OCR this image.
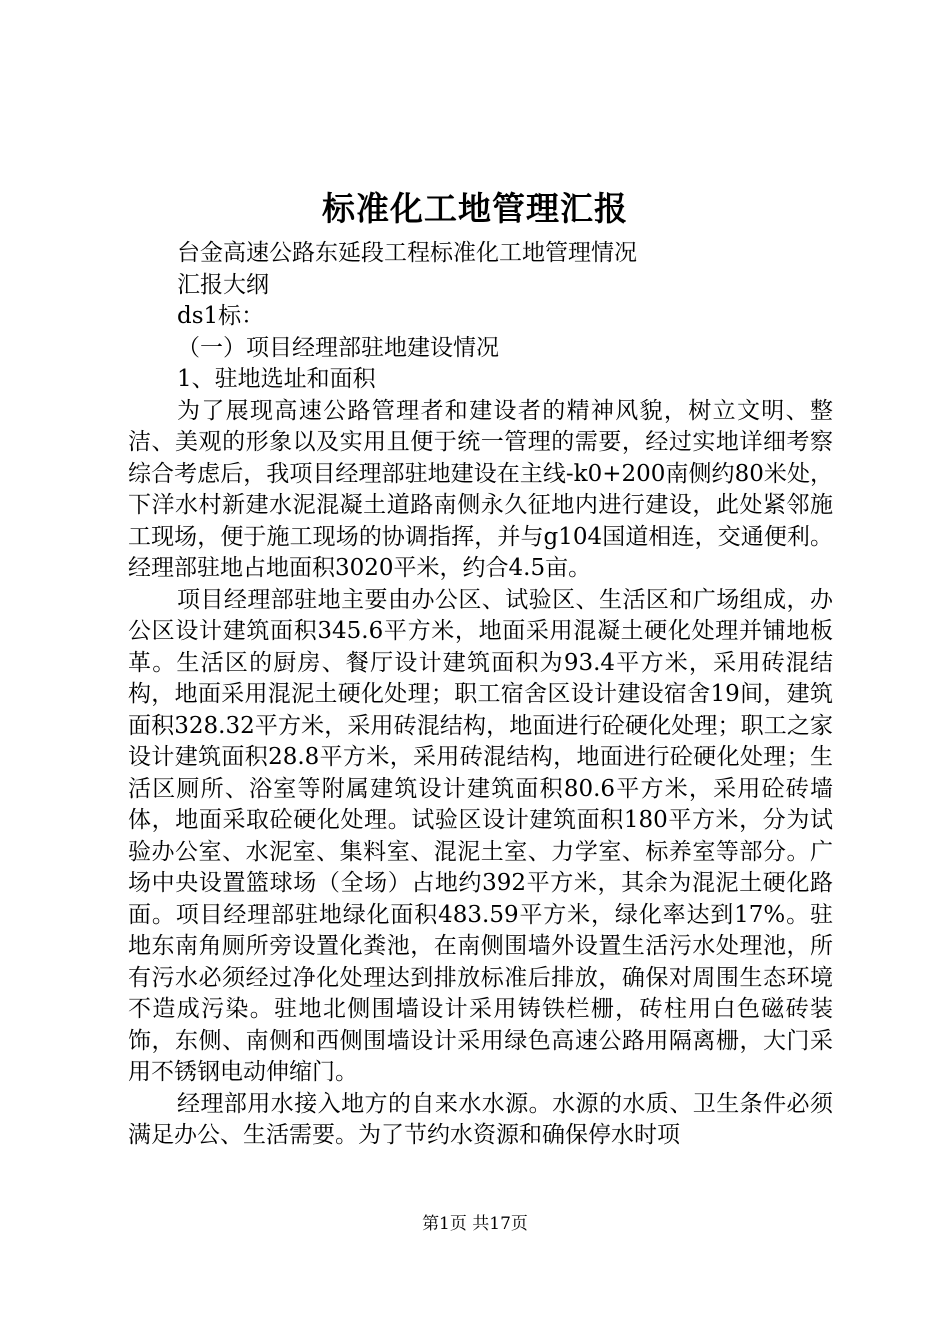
标准化工地管理汇报
台金高速公路东延段工程标准化工地管理情况
汇报大纲
ds1标：
（一）项目经理部驻地建设情况
1、驻地选址和面积

为了展现高速公路管理者和建设者的精神风貌，树立文明、整洁、美观的形象以及实用且便于统一管理的需要，经过实地详细考察综合考虑后，我项目经理部驻地建设在主线-k0+200南侧约80米处，下洋水村新建水泥混凝土道路南侧永久征地内进行建设，此处紧邻施工现场，便于施工现场的协调指挥，并与g104国道相连，交通便利。经理部驻地占地面积3020平米，约合4.5亩。

项目经理部驻地主要由办公区、试验区、生活区和广场组成，办公区设计建筑面积345.6平方米，地面采用混凝土硬化处理并铺地板革。生活区的厨房、餐厅设计建筑面积为93.4平方米，采用砖混结构，地面采用混泥土硬化处理；职工宿舍区设计建设宿舍19间，建筑面积328.32平方米，采用砖混结构，地面进行砼硬化处理；职工之家设计建筑面积28.8平方米，采用砖混结构，地面进行砼硬化处理；生活区厕所、浴室等附属建筑设计建筑面积80.6平方米，采用砼砖墙体，地面采取砼硬化处理。试验区设计建筑面积180平方米，分为试验办公室、水泥室、集料室、混泥土室、力学室、标养室等部分。广场中央设置篮球场（全场）占地约392平方米，其余为混泥土硬化路面。项目经理部驻地绿化面积483.59平方米，绿化率达到17%。驻地东南角厕所旁设置化粪池，在南侧围墙外设置生活污水处理池，所有污水必须经过净化处理达到排放标准后排放，确保对周围生态环境不造成污染。驻地北侧围墙设计采用铸铁栏栅，砖柱用白色磁砖装饰，东侧、南侧和西侧围墙设计采用绿色高速公路用隔离栅，大门采用不锈钢电动伸缩门。

经理部用水接入地方的自来水水源。水源的水质、卫生条件必须满足办公、生活需要。为了节约水资源和确保停水时项

第1页 共17页
